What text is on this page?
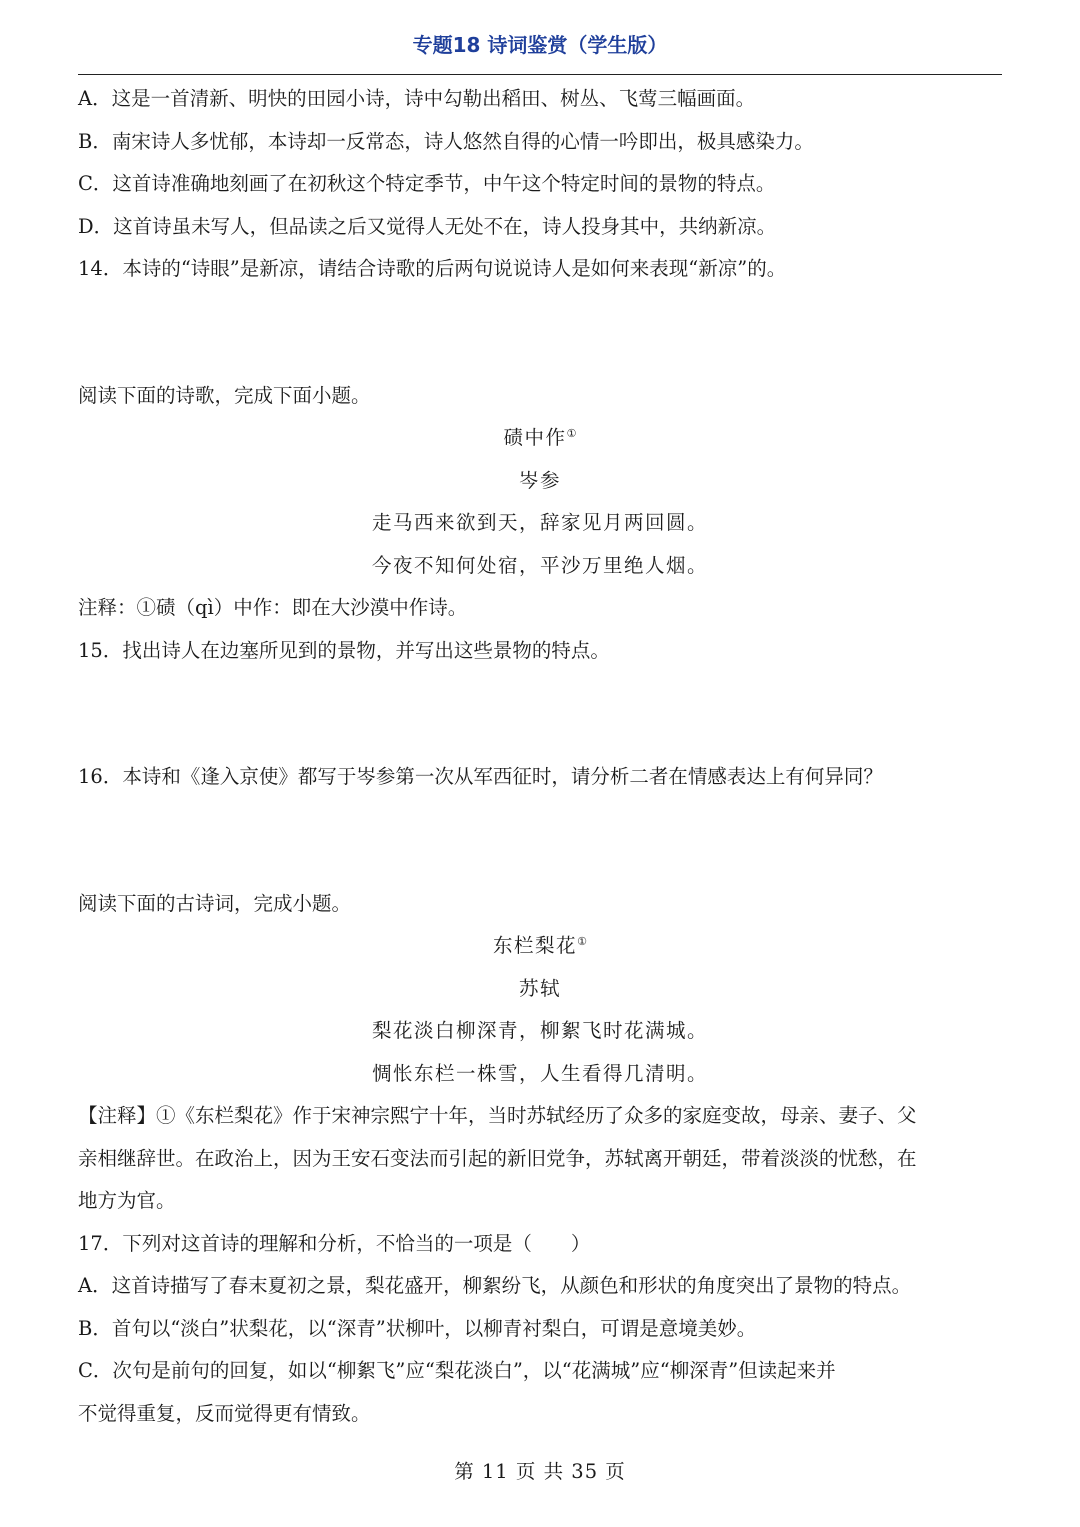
专题18 诗词鉴赏（学生版）
A．这是一首清新、明快的田园小诗，诗中勾勒出稻田、树丛、飞莺三幅画面。
B．南宋诗人多忧郁，本诗却一反常态，诗人悠然自得的心情一吟即出，极具感染力。
C．这首诗准确地刻画了在初秋这个特定季节，中午这个特定时间的景物的特点。
D．这首诗虽未写人，但品读之后又觉得人无处不在，诗人投身其中，共纳新凉。
14．本诗的“诗眼”是新凉，请结合诗歌的后两句说说诗人是如何来表现“新凉”的。
阅读下面的诗歌，完成下面小题。
碛中作①
岑参
走马西来欲到天，辞家见月两回圆。
今夜不知何处宿，平沙万里绝人烟。
注释：①碛（qì）中作：即在大沙漠中作诗。
15．找出诗人在边塞所见到的景物，并写出这些景物的特点。
16．本诗和《逢入京使》都写于岑参第一次从军西征时，请分析二者在情感表达上有何异同？
阅读下面的古诗词，完成小题。
东栏梨花①
苏轼
梨花淡白柳深青，柳絮飞时花满城。
惆怅东栏一株雪，人生看得几清明。
【注释】①《东栏梨花》作于宋神宗熙宁十年，当时苏轼经历了众多的家庭变故，母亲、妻子、父
亲相继辞世。在政治上，因为王安石变法而引起的新旧党争，苏轼离开朝廷，带着淡淡的忧愁，在
地方为官。
17．下列对这首诗的理解和分析，不恰当的一项是（　　）
A．这首诗描写了春末夏初之景，梨花盛开，柳絮纷飞，从颜色和形状的角度突出了景物的特点。
B．首句以“淡白”状梨花，以“深青”状柳叶，以柳青衬梨白，可谓是意境美妙。
C．次句是前句的回复，如以“柳絮飞”应“梨花淡白”，以“花满城”应“柳深青”但读起来并
不觉得重复，反而觉得更有情致。
第 11 页 共 35 页
